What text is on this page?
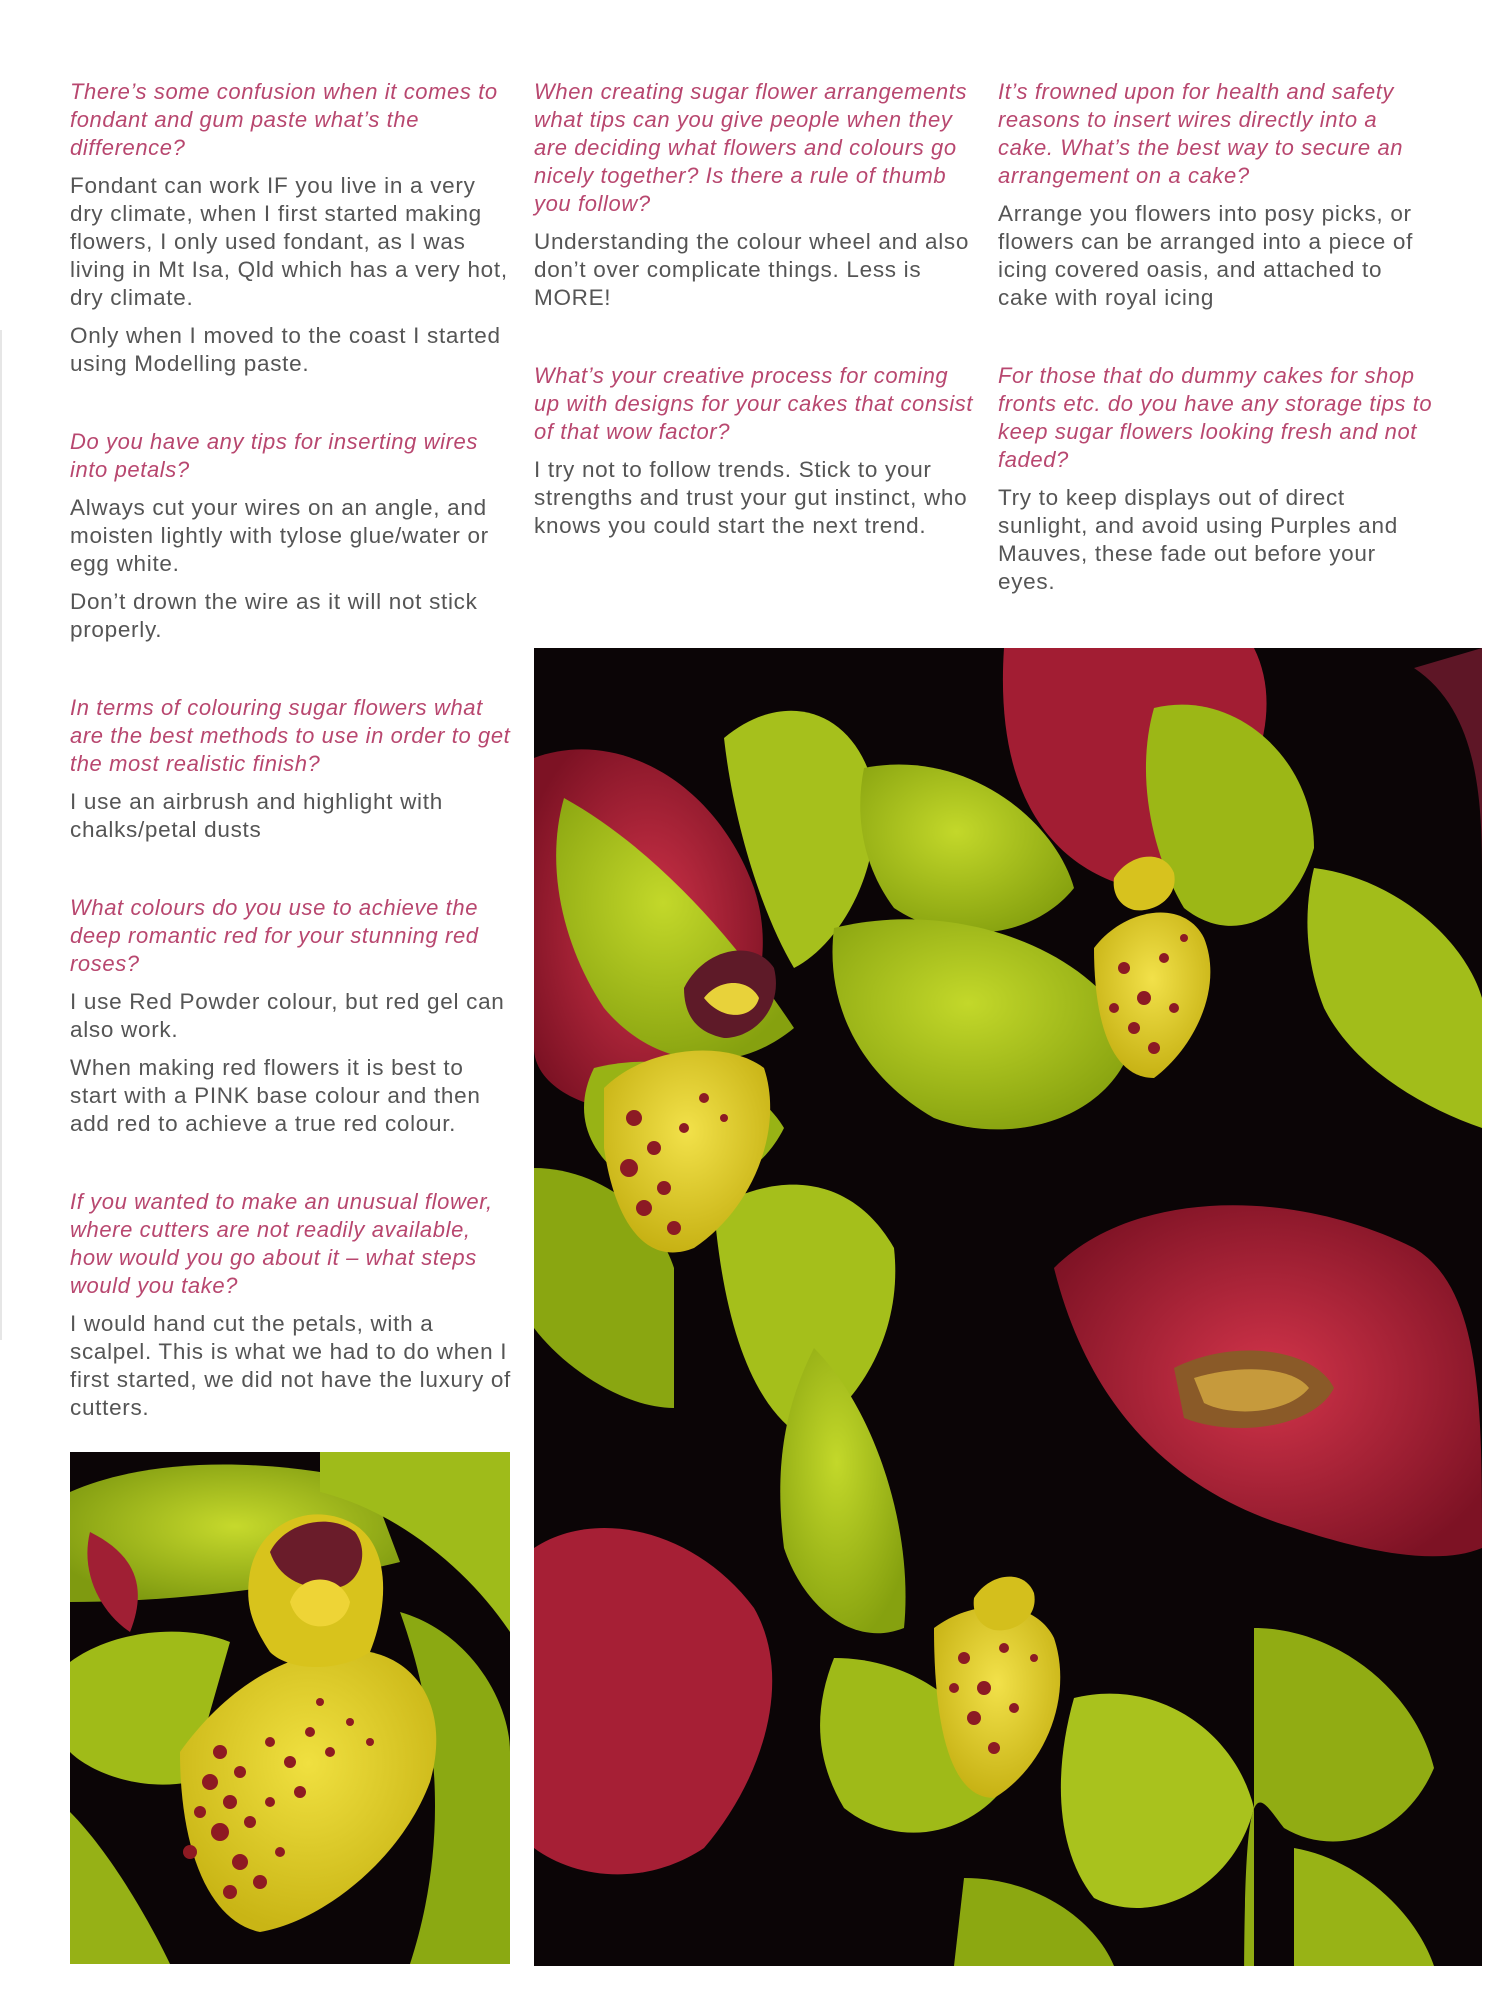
There’s some confusion when it comes to fondant and gum paste what’s the difference?

Fondant can work IF you live in a very dry climate, when I first started making flowers, I only used fondant, as I was living in Mt Isa, Qld which has a very hot, dry climate.

Only when I moved to the coast I started using Modelling paste.

Do you have any tips for inserting wires into petals?

Always cut your wires on an angle, and moisten lightly with tylose glue/water or egg white.

Don’t drown the wire as it will not stick properly.

In terms of colouring sugar flowers what are the best methods to use in order to get the most realistic finish?

I use an airbrush and highlight with chalks/petal dusts

What colours do you use to achieve the deep romantic red for your stunning red roses?

I use Red Powder colour, but red gel can also work.

When making red flowers it is best to start with a PINK base colour and then add red to achieve a true red colour.

If you wanted to make an unusual flower, where cutters are not readily available, how would you go about it – what steps would you take?

I would hand cut the petals, with a scalpel. This is what we had to do when I first started, we did not have the luxury of cutters.

When creating sugar flower arrangements what tips can you give people when they are deciding what flowers and colours go nicely together? Is there a rule of thumb you follow?

Understanding the colour wheel and also don’t over complicate things. Less is MORE!

What’s your creative process for coming up with designs for your cakes that consist of that wow factor?

I try not to follow trends. Stick to your strengths and trust your gut instinct, who knows you could start the next trend.

It’s frowned upon for health and safety reasons to insert wires directly into a cake. What’s the best way to secure an arrangement on a cake?

Arrange you flowers into posy picks, or flowers can be arranged into a piece of icing covered oasis, and attached to cake with royal icing

For those that do dummy cakes for shop fronts etc. do you have any storage tips to keep sugar flowers looking fresh and not faded?

Try to keep displays out of direct sunlight, and avoid using Purples and Mauves, these fade out before your eyes.
